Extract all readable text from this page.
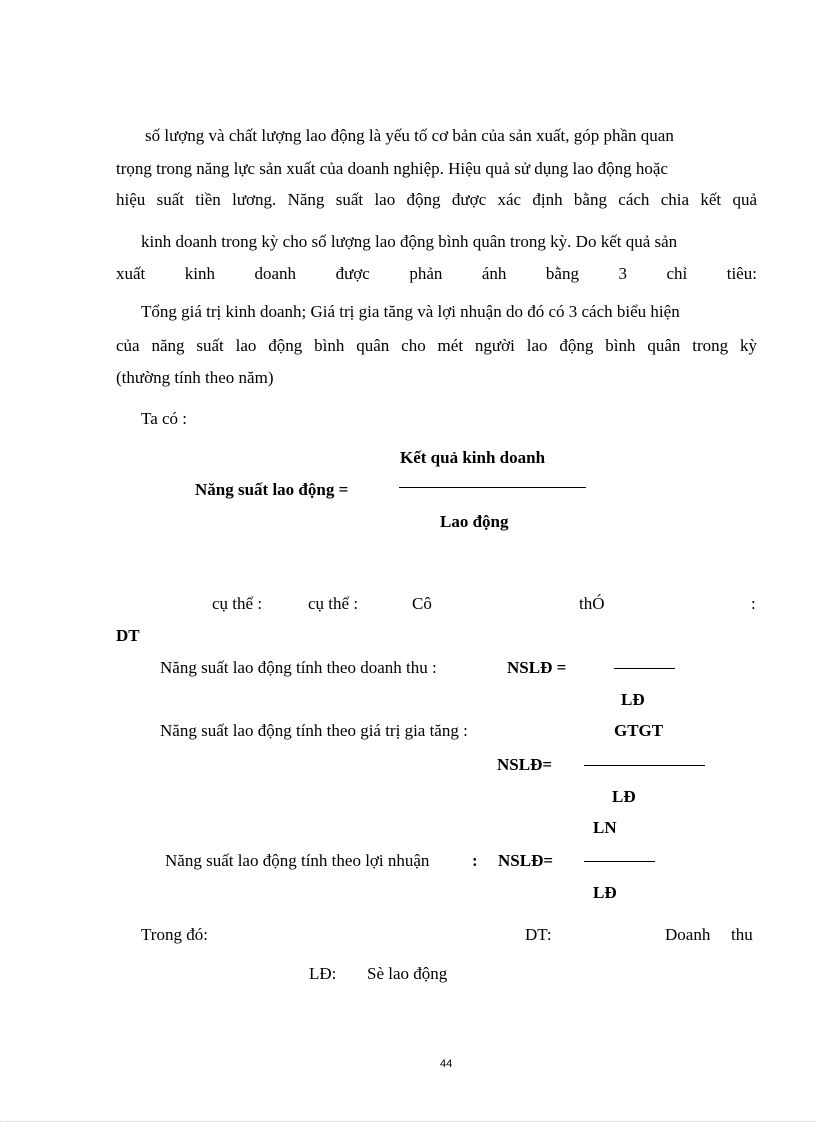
số lượng và chất lượng lao động là yếu tố cơ bản của sản xuất, góp phần quan
trọng trong năng lực sản xuất của doanh nghiệp. Hiệu quả sử dụng lao động hoặc
hiệu suất tiền lương. Năng suất lao động được xác định bằng cách chia kết quả
kinh doanh trong kỳ cho số lượng lao động bình quân trong kỳ. Do kết quả sản
xuất kinh doanh được phản ánh bằng 3 chỉ tiêu:
Tổng giá trị kinh doanh; Giá trị gia tăng và lợi nhuận do đó có 3 cách biểu hiện
của năng suất lao động bình quân cho mét người lao động bình quân trong kỳ
(thường tính theo năm)
Ta có :
Kết quả kinh doanh
Năng suất lao động =
Lao động
cụ thể :	cụ thể :	Cô	thÓ	:
DT
Năng suất lao động tính theo doanh thu :	NSLĐ =
LĐ
Năng suất lao động tính theo giá trị gia tăng :	GTGT
NSLĐ=
LĐ
LN
Năng suất lao động tính theo lợi nhuận	: NSLĐ=
LĐ
Trong đó:	DT:	Doanh thu
LĐ: Sè lao động
44
